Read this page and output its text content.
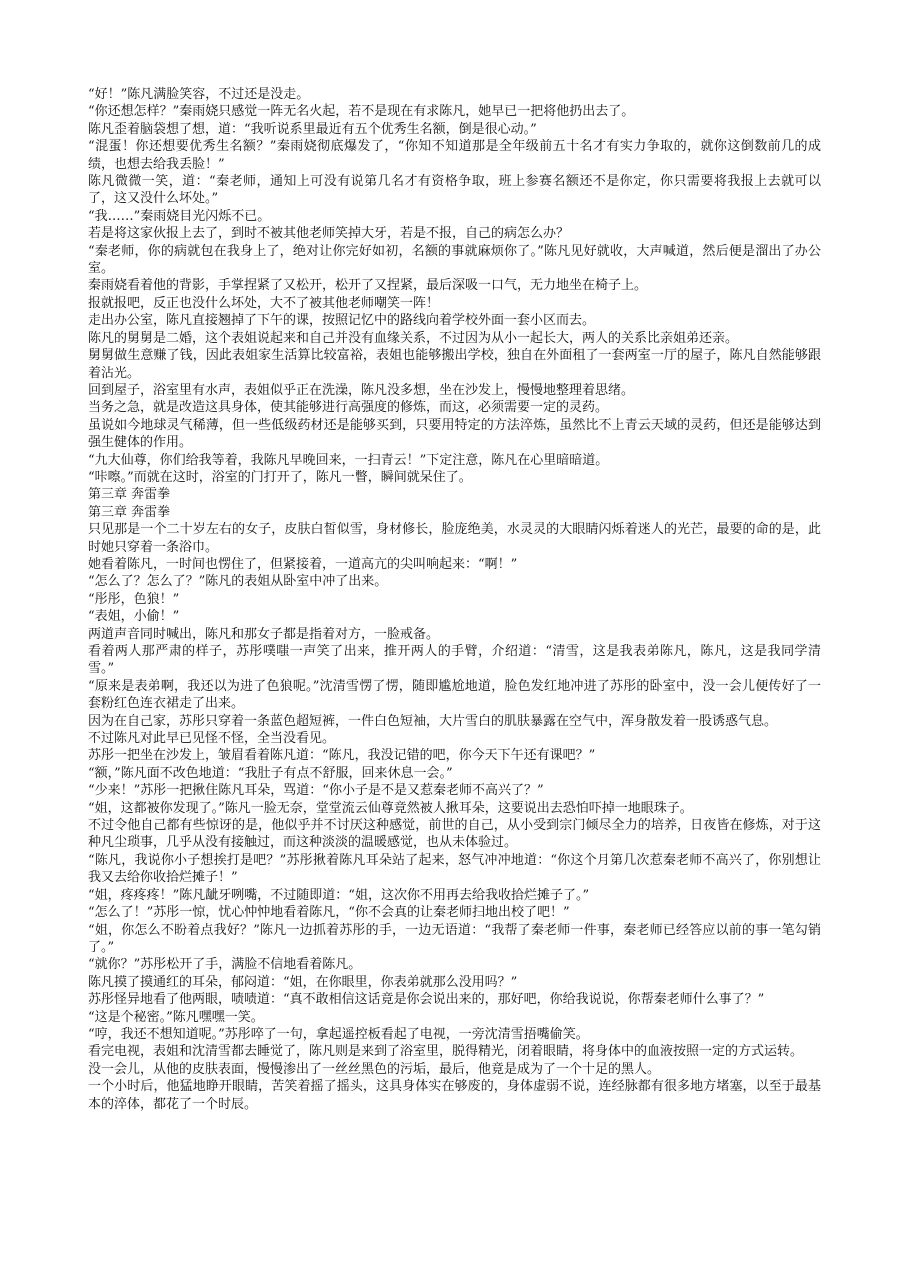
“好！”陈凡满脸笑容，不过还是没走。

“你还想怎样？”秦雨娆只感觉一阵无名火起，若不是现在有求陈凡，她早已一把将他扔出去了。

陈凡歪着脑袋想了想，道：“我听说系里最近有五个优秀生名额，倒是很心动。”

“混蛋！你还想要优秀生名额？”秦雨娆彻底爆发了，“你知不知道那是全年级前五十名才有实力争取的，就你这倒数前几的成绩，也想去给我丢脸！”

陈凡微微一笑，道：“秦老师，通知上可没有说第几名才有资格争取，班上参赛名额还不是你定，你只需要将我报上去就可以了，这又没什么坏处。”

“我……”秦雨娆目光闪烁不已。

若是将这家伙报上去了，到时不被其他老师笑掉大牙，若是不报，自己的病怎么办？

“秦老师，你的病就包在我身上了，绝对让你完好如初，名额的事就麻烦你了。”陈凡见好就收，大声喊道，然后便是溜出了办公室。

秦雨娆看着他的背影，手掌捏紧了又松开，松开了又捏紧，最后深吸一口气，无力地坐在椅子上。

报就报吧，反正也没什么坏处，大不了被其他老师嘲笑一阵！

走出办公室，陈凡直接翘掉了下午的课，按照记忆中的路线向着学校外面一套小区而去。

陈凡的舅舅是二婚，这个表姐说起来和自己并没有血缘关系，不过因为从小一起长大，两人的关系比亲姐弟还亲。

舅舅做生意赚了钱，因此表姐家生活算比较富裕，表姐也能够搬出学校，独自在外面租了一套两室一厅的屋子，陈凡自然能够跟着沾光。

回到屋子，浴室里有水声，表姐似乎正在洗澡，陈凡没多想，坐在沙发上，慢慢地整理着思绪。

当务之急，就是改造这具身体，使其能够进行高强度的修炼，而这，必须需要一定的灵药。

虽说如今地球灵气稀薄，但一些低级药材还是能够买到，只要用特定的方法淬炼，虽然比不上青云天域的灵药，但还是能够达到强生健体的作用。

“九大仙尊，你们给我等着，我陈凡早晚回来，一扫青云！”下定注意，陈凡在心里暗暗道。

“咔嚓。”而就在这时，浴室的门打开了，陈凡一瞥，瞬间就呆住了。

第三章 奔雷拳

第三章 奔雷拳

只见那是一个二十岁左右的女子，皮肤白皙似雪，身材修长，脸庞绝美，水灵灵的大眼睛闪烁着迷人的光芒，最要的命的是，此时她只穿着一条浴巾。

她看着陈凡，一时间也愣住了，但紧接着，一道高亢的尖叫响起来：“啊！”

“怎么了？怎么了？”陈凡的表姐从卧室中冲了出来。

“彤彤，色狼！”

“表姐，小偷！”

两道声音同时喊出，陈凡和那女子都是指着对方，一脸戒备。

看着两人那严肃的样子，苏彤噗嗤一声笑了出来，推开两人的手臂，介绍道：“清雪，这是我表弟陈凡，陈凡，这是我同学清雪。”

“原来是表弟啊，我还以为进了色狼呢。”沈清雪愣了愣，随即尴尬地道，脸色发红地冲进了苏彤的卧室中，没一会儿便传好了一套粉红色连衣裙走了出来。

因为在自己家，苏彤只穿着一条蓝色超短裤，一件白色短袖，大片雪白的肌肤暴露在空气中，浑身散发着一股诱惑气息。

不过陈凡对此早已见怪不怪，全当没看见。

苏彤一把坐在沙发上，皱眉看着陈凡道：“陈凡，我没记错的吧，你今天下午还有课吧？”

“额，”陈凡面不改色地道：“我肚子有点不舒服，回来休息一会。”

“少来！”苏彤一把揪住陈凡耳朵，骂道：“你小子是不是又惹秦老师不高兴了？”

“姐，这都被你发现了。”陈凡一脸无奈，堂堂流云仙尊竟然被人揪耳朵，这要说出去恐怕吓掉一地眼珠子。

不过令他自己都有些惊讶的是，他似乎并不讨厌这种感觉，前世的自己，从小受到宗门倾尽全力的培养，日夜皆在修炼，对于这种凡尘琐事，几乎从没有接触过，而这种淡淡的温暖感觉，也从未体验过。

“陈凡，我说你小子想挨打是吧？”苏彤揪着陈凡耳朵站了起来，怒气冲冲地道：“你这个月第几次惹秦老师不高兴了，你别想让我又去给你收拾烂摊子！”

“姐，疼疼疼！”陈凡龇牙咧嘴，不过随即道：“姐，这次你不用再去给我收拾烂摊子了。”

“怎么了！”苏彤一惊，忧心忡忡地看着陈凡，“你不会真的让秦老师扫地出校了吧！”

“姐，你怎么不盼着点我好？”陈凡一边抓着苏彤的手，一边无语道：“我帮了秦老师一件事，秦老师已经答应以前的事一笔勾销了。”

“就你？”苏彤松开了手，满脸不信地看着陈凡。

陈凡摸了摸通红的耳朵，郁闷道：“姐，在你眼里，你表弟就那么没用吗？”

苏彤怪异地看了他两眼，啧啧道：“真不敢相信这话竟是你会说出来的，那好吧，你给我说说，你帮秦老师什么事了？”

“这是个秘密。”陈凡嘿嘿一笑。

“哼，我还不想知道呢。”苏彤啐了一句，拿起遥控板看起了电视，一旁沈清雪捂嘴偷笑。

看完电视，表姐和沈清雪都去睡觉了，陈凡则是来到了浴室里，脱得精光，闭着眼睛，将身体中的血液按照一定的方式运转。

没一会儿，从他的皮肤表面，慢慢渗出了一丝丝黑色的污垢，最后，他竟是成为了一个十足的黑人。

一个小时后，他猛地睁开眼睛，苦笑着摇了摇头，这具身体实在够废的，身体虚弱不说，连经脉都有很多地方堵塞，以至于最基本的淬体，都花了一个时辰。
